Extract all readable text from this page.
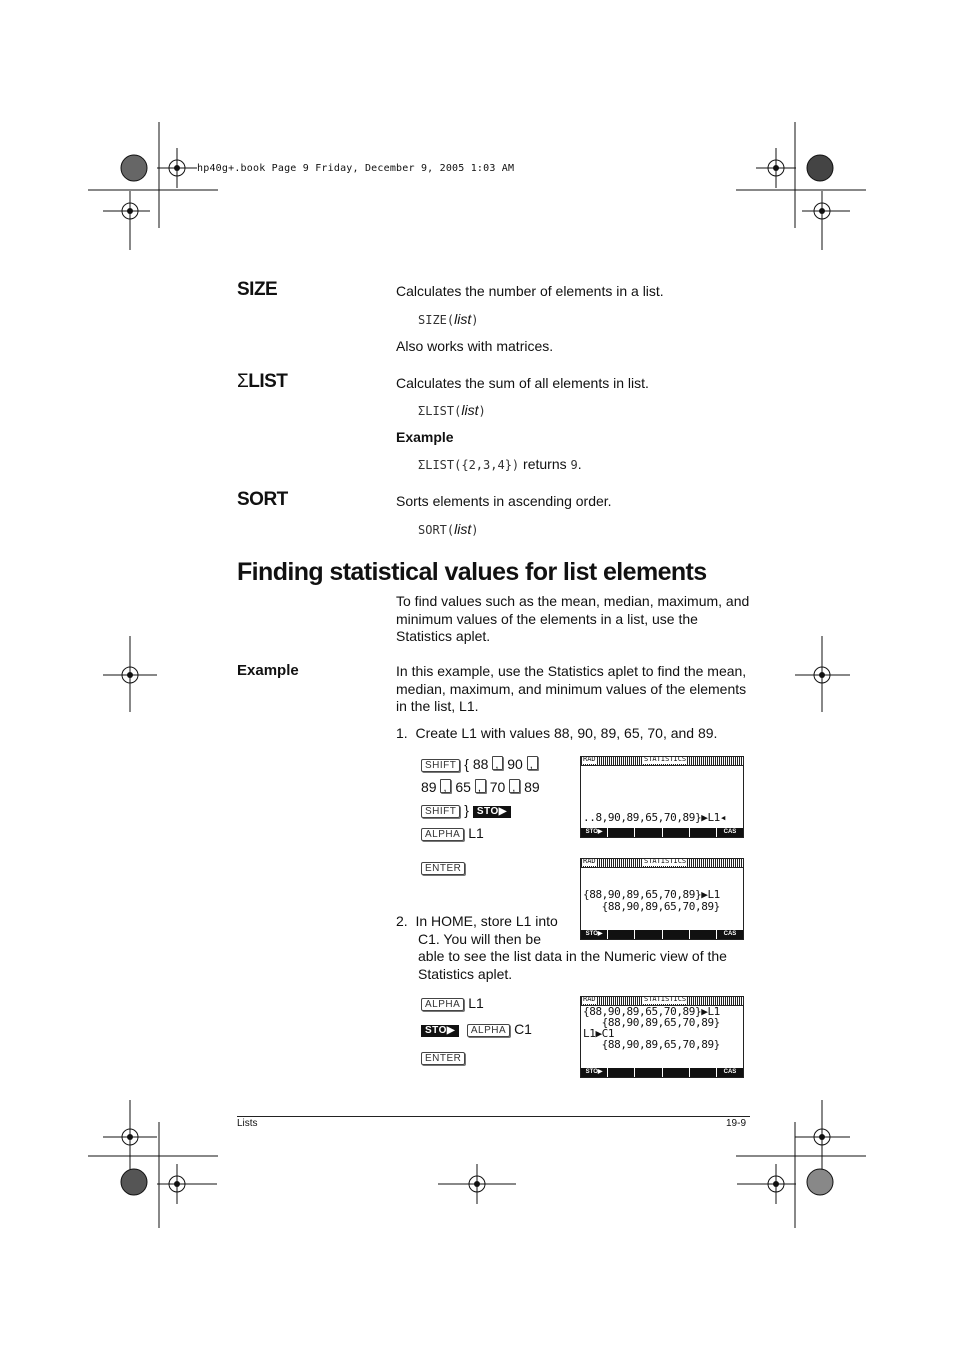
hp40g+.book Page 9 Friday, December 9, 2005 1:03 AM
SIZE	Calculates the number of elements in a list.
SIZE(list)
Also works with matrices.
ΣLIST	Calculates the sum of all elements in list.
ΣLIST(list)
Example
ΣLIST({2,3,4}) returns 9.
SORT	Sorts elements in ascending order.
SORT(list)
Finding statistical values for list elements
To find values such as the mean, median, maximum, and minimum values of the elements in a list, use the Statistics aplet.
Example	In this example, use the Statistics aplet to find the mean, median, maximum, and minimum values of the elements in the list, L1.
1.  Create L1 with values 88, 90, 89, 65, 70, and 89.
SHIFT { 88 , 90 ,
89 , 65 , 70 , 89
SHIFT } STO▶
ALPHA L1
ENTER
RAD	STATISTICS
..8,90,89,65,70,89}▶L1◂
STO▶	CAS
RAD	STATISTICS
{88,90,89,65,70,89}▶L1
{88,90,89,65,70,89}
STO▶	CAS
2.  In HOME, store L1 into
C1. You will then be
able to see the list data in the Numeric view of the
Statistics aplet.
ALPHA L1
STO▶ ALPHA C1
ENTER
RAD	STATISTICS
{88,90,89,65,70,89}▶L1
{88,90,89,65,70,89}
L1▶C1
{88,90,89,65,70,89}
STO▶	CAS
Lists	19-9
